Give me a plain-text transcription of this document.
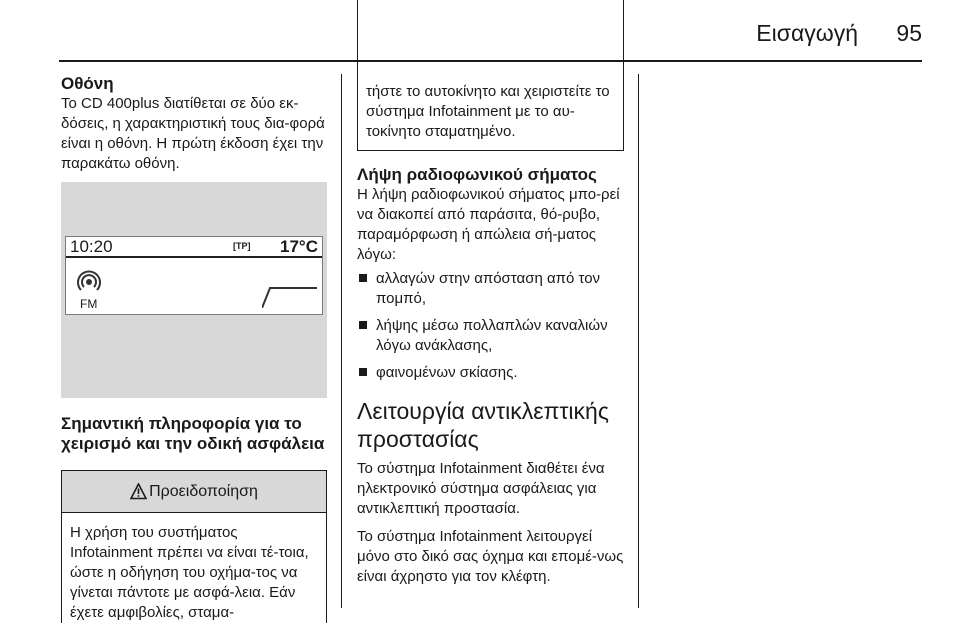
Εισαγωγή 95
Οθόνη

Το CD 400plus διατίθεται σε δύο εκ-δόσεις, η χαρακτηριστική τους δια-φορά είναι η οθόνη. Η πρώτη έκδοση έχει την παρακάτω οθόνη.

10:20	[TP] 17°C
FM
Σημαντική πληροφορία για το χειρισμό και την οδική ασφάλεια
Προειδοποίηση

Η χρήση του συστήματος Infotainment πρέπει να είναι τέ-τοια, ώστε η οδήγηση του οχήμα-τος να γίνεται πάντοτε με ασφά-λεια. Εάν έχετε αμφιβολίες, σταμα-

τήστε το αυτοκίνητο και χειριστείτε το σύστημα Infotainment με το αυ-τοκίνητο σταματημένο.

Λήψη ραδιοφωνικού σήματος

Η λήψη ραδιοφωνικού σήματος μπο-ρεί να διακοπεί από παράσιτα, θό-ρυβο, παραμόρφωση ή απώλεια σή-ματος λόγω:

αλλαγών στην απόσταση από τον πομπό,
λήψης μέσω πολλαπλών καναλιών λόγω ανάκλασης,
φαινομένων σκίασης.
Λειτουργία αντικλεπτικής προστασίας

Το σύστημα Infotainment διαθέτει ένα ηλεκτρονικό σύστημα ασφάλειας για αντικλεπτική προστασία.

Το σύστημα Infotainment λειτουργεί μόνο στο δικό σας όχημα και επομέ-νως είναι άχρηστο για τον κλέφτη.
